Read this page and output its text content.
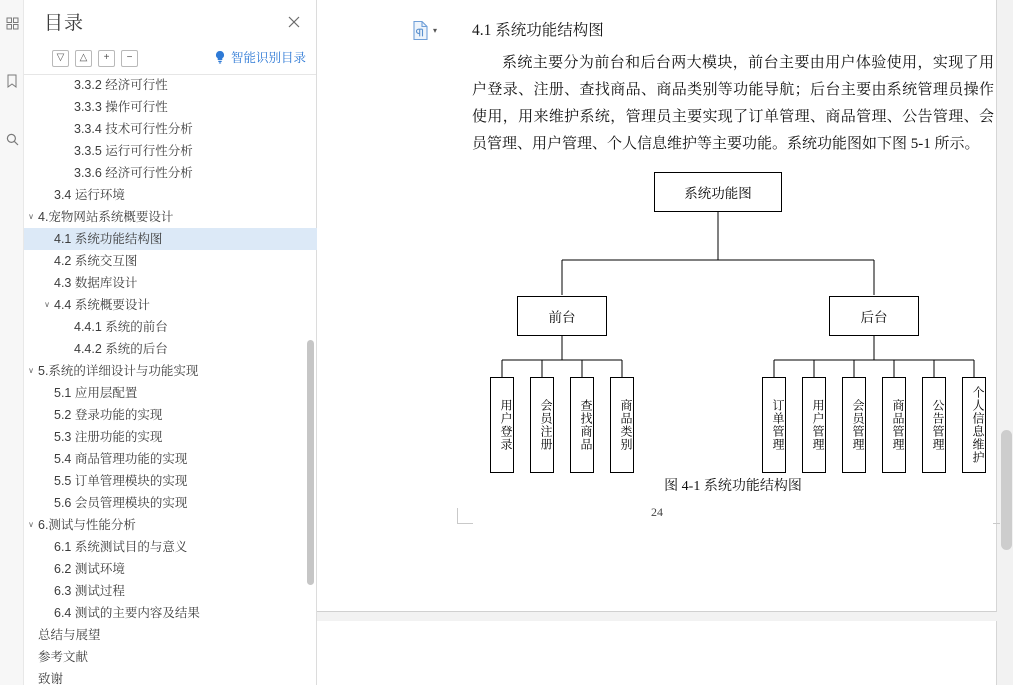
目录
▽	△	+	−	智能识别目录
3.3.2 经济可行性
3.3.3 操作可行性
3.3.4 技术可行性分析
3.3.5 运行可行性分析
3.3.6 经济可行性分析
3.4 运行环境
∨ 4.宠物网站系统概要设计
4.1 系统功能结构图
4.2 系统交互图
4.3 数据库设计
∨ 4.4 系统概要设计
4.4.1 系统的前台
4.4.2 系统的后台
∨ 5.系统的详细设计与功能实现
5.1 应用层配置
5.2 登录功能的实现
5.3 注册功能的实现
5.4 商品管理功能的实现
5.5 订单管理模块的实现
5.6 会员管理模块的实现
∨ 6.测试与性能分析
6.1 系统测试目的与意义
6.2 测试环境
6.3 测试过程
6.4 测试的主要内容及结果
总结与展望
参考文献
致谢
▾ 4.1 系统功能结构图
系统主要分为前台和后台两大模块，前台主要由用户体验使用，实现了用户登录、注册、查找商品、商品类别等功能导航；后台主要由系统管理员操作使用，用来维护系统，管理员主要实现了订单管理、商品管理、公告管理、会员管理、用户管理、个人信息维护等主要功能。系统功能图如下图 5-1 所示。
系统功能图
前台	后台
用户登录	会员注册	查找商品	商品类别	订单管理	用户管理	会员管理	商品管理	公告管理	个人信息维护
图 4-1 系统功能结构图
24
